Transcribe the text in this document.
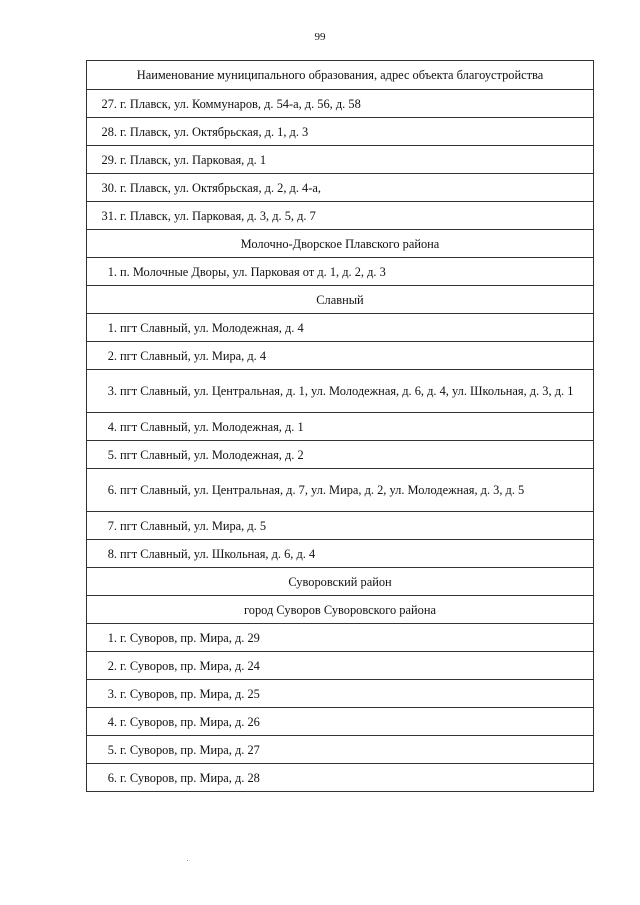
99
Наименование муниципального образования, адрес объекта благоустройства

27. г. Плавск, ул. Коммунаров, д. 54-а, д. 56, д. 58

28. г. Плавск, ул. Октябрьская, д. 1, д. 3

29. г. Плавск, ул. Парковая, д. 1

30. г. Плавск, ул. Октябрьская, д. 2, д. 4-а,

31. г. Плавск, ул. Парковая, д. 3, д. 5, д. 7

Молочно-Дворское Плавского района

1. п. Молочные Дворы, ул. Парковая от д. 1, д. 2, д. 3

Славный

1. пгт Славный, ул. Молодежная, д. 4

2. пгт Славный, ул. Мира, д. 4

3. пгт Славный, ул. Центральная, д. 1, ул. Молодежная, д. 6, д. 4, ул. Школьная, д. 3, д. 1

4. пгт Славный, ул. Молодежная, д. 1

5. пгт Славный, ул. Молодежная, д. 2

6. пгт Славный, ул. Центральная, д. 7, ул. Мира, д. 2, ул. Молодежная, д. 3, д. 5

7. пгт Славный, ул. Мира, д. 5

8. пгт Славный, ул. Школьная, д. 6, д. 4

Суворовский район
город Суворов Суворовского района

1. г. Суворов, пр. Мира, д. 29

2. г. Суворов, пр. Мира, д. 24

3. г. Суворов, пр. Мира, д. 25

4. г. Суворов, пр. Мира, д. 26

5. г. Суворов, пр. Мира, д. 27

6. г. Суворов, пр. Мира, д. 28
